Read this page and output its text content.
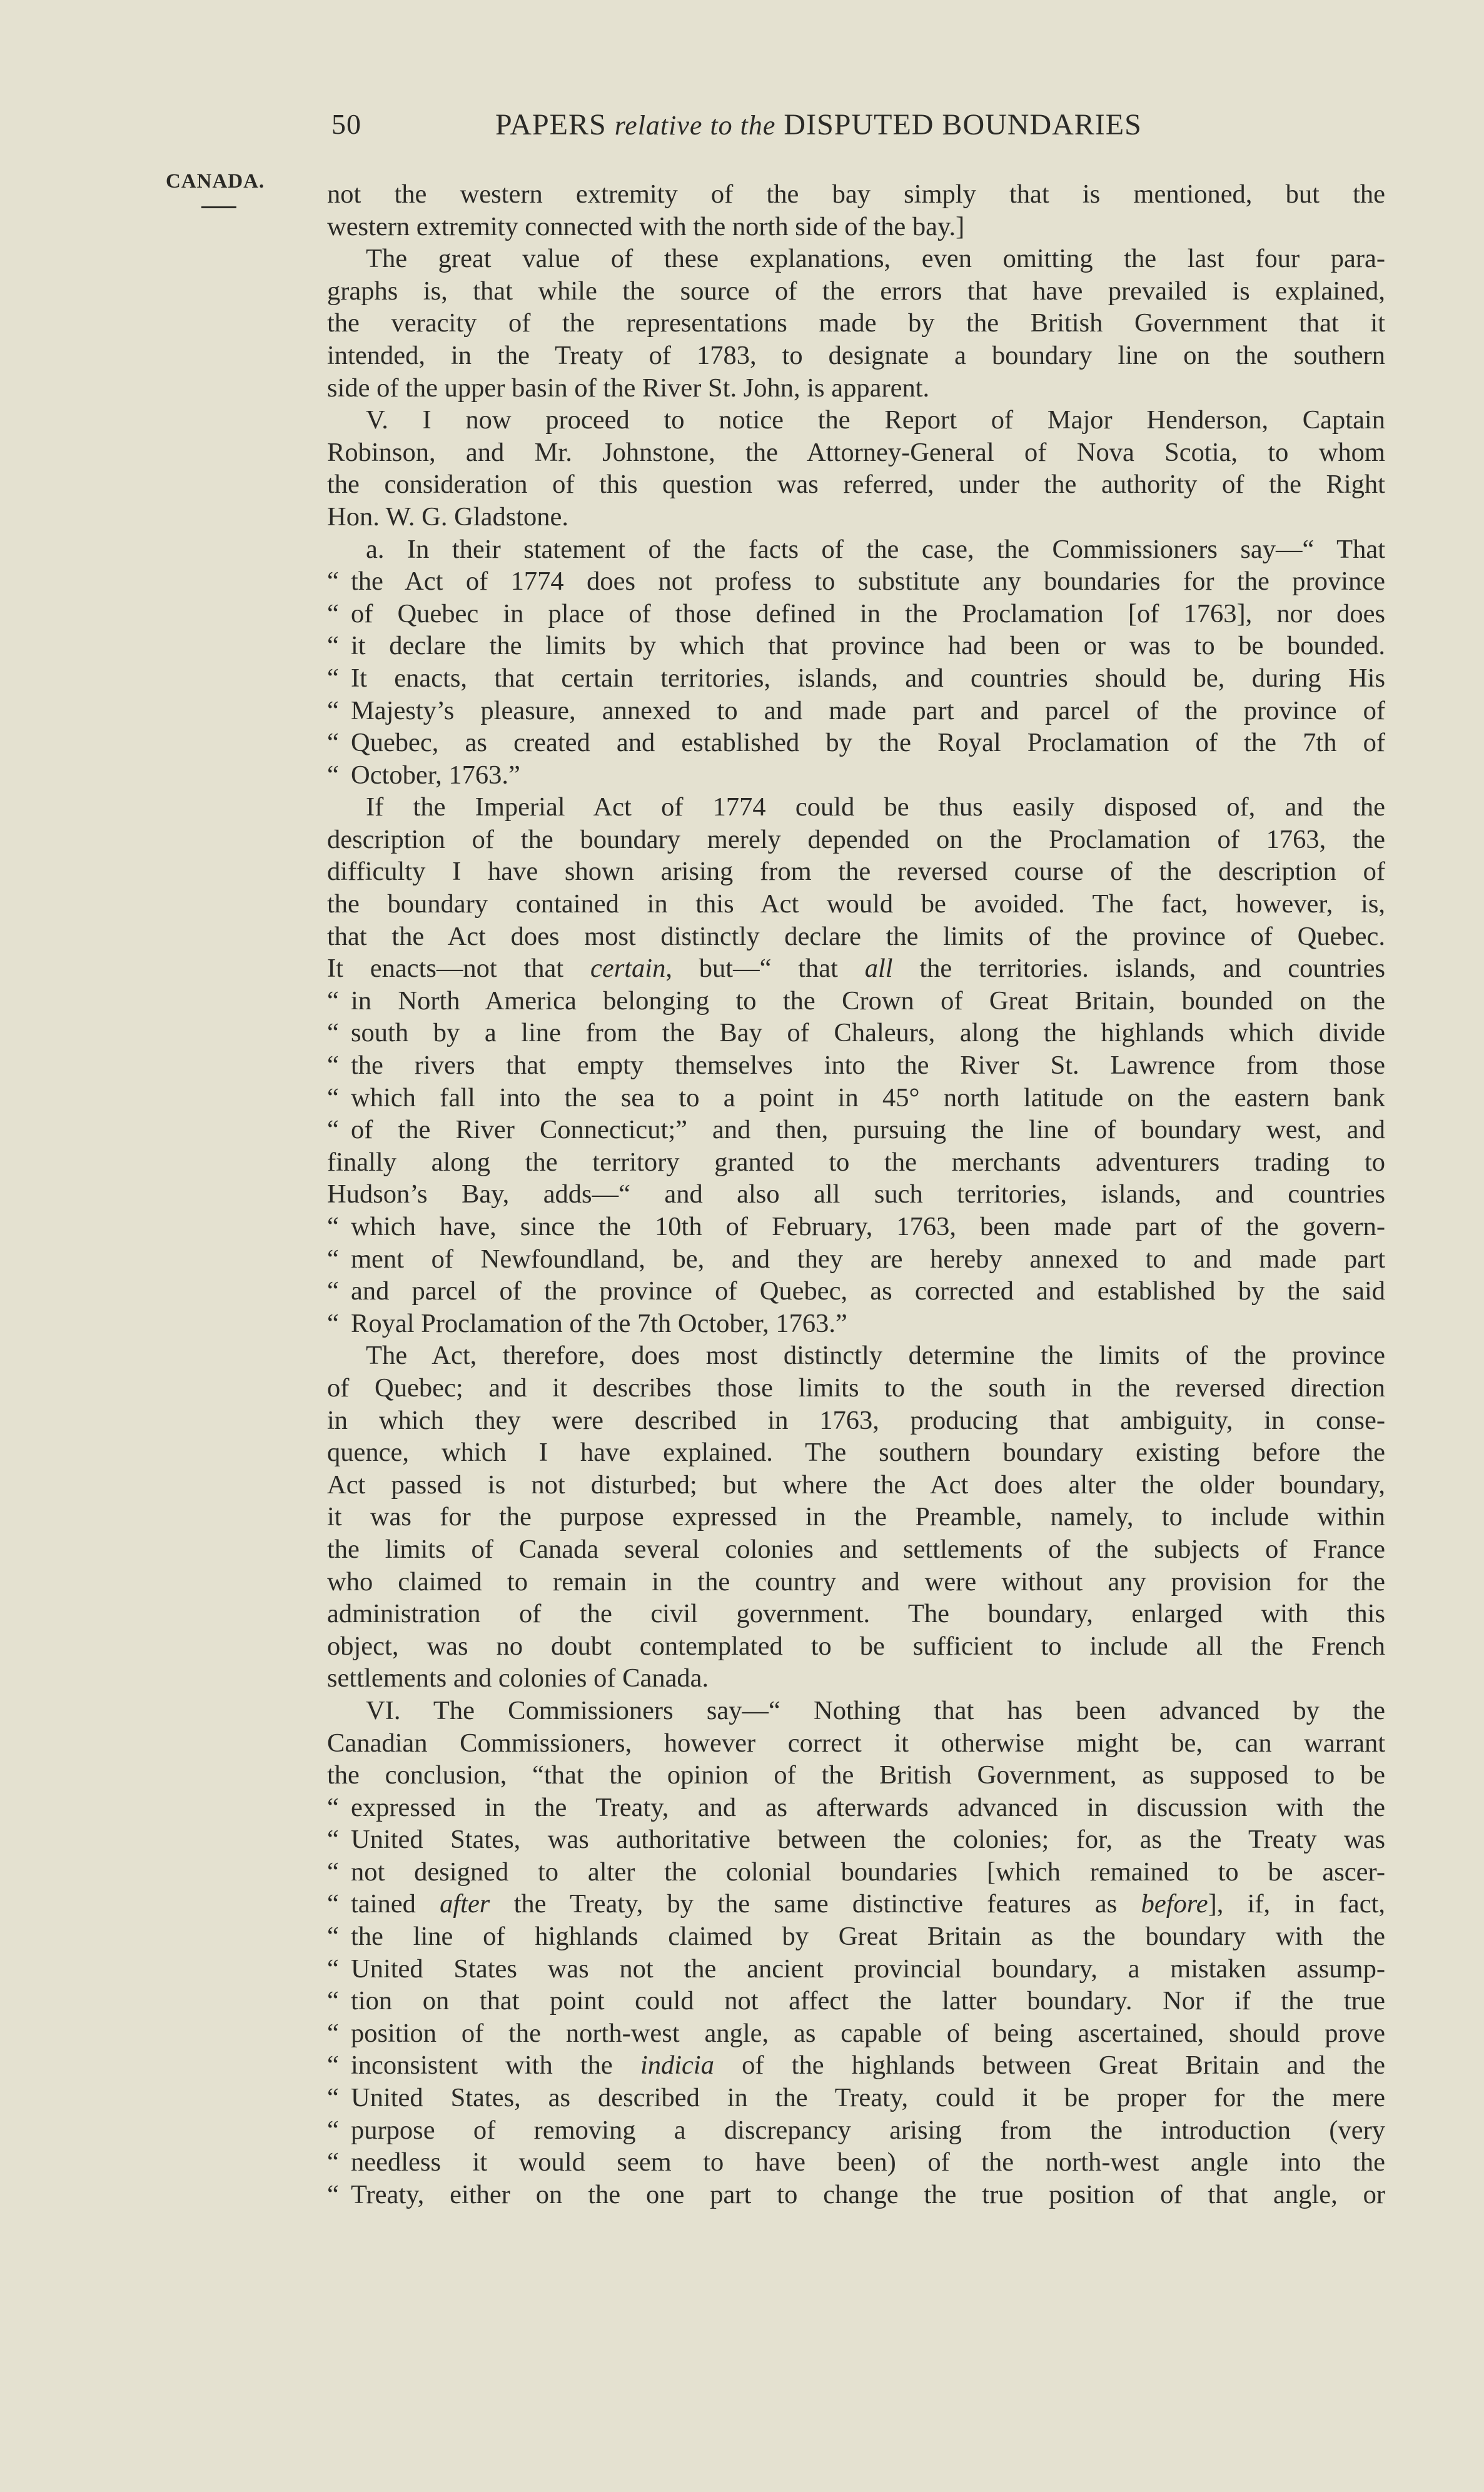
50	PAPERS relative to the DISPUTED BOUNDARIES
CANADA. not the western extremity of the bay simply that is mentioned, but the
western extremity connected with the north side of the bay.]
The great value of these explanations, even omitting the last four para-
graphs is, that while the source of the errors that have prevailed is explained,
the veracity of the representations made by the British Government that it
intended, in the Treaty of 1783, to designate a boundary line on the southern
side of the upper basin of the River St. John, is apparent.
V. I now proceed to notice the Report of Major Henderson, Captain
Robinson, and Mr. Johnstone, the Attorney-General of Nova Scotia, to whom
the consideration of this question was referred, under the authority of the Right
Hon. W. G. Gladstone.
a. In their statement of the facts of the case, the Commissioners say—“ That
“ the Act of 1774 does not profess to substitute any boundaries for the province
“ of Quebec in place of those defined in the Proclamation [of 1763], nor does
“ it declare the limits by which that province had been or was to be bounded.
“ It enacts, that certain territories, islands, and countries should be, during His
“ Majesty’s pleasure, annexed to and made part and parcel of the province of
“ Quebec, as created and established by the Royal Proclamation of the 7th of
“ October, 1763.”
If the Imperial Act of 1774 could be thus easily disposed of, and the
description of the boundary merely depended on the Proclamation of 1763, the
difficulty I have shown arising from the reversed course of the description of
the boundary contained in this Act would be avoided. The fact, however, is,
that the Act does most distinctly declare the limits of the province of Quebec.
It enacts—not that certain, but—“ that all the territories. islands, and countries
“ in North America belonging to the Crown of Great Britain, bounded on the
“ south by a line from the Bay of Chaleurs, along the highlands which divide
“ the rivers that empty themselves into the River St. Lawrence from those
“ which fall into the sea to a point in 45° north latitude on the eastern bank
“ of the River Connecticut;” and then, pursuing the line of boundary west, and
finally along the territory granted to the merchants adventurers trading to
Hudson’s Bay, adds—“ and also all such territories, islands, and countries
“ which have, since the 10th of February, 1763, been made part of the govern-
“ ment of Newfoundland, be, and they are hereby annexed to and made part
“ and parcel of the province of Quebec, as corrected and established by the said
“ Royal Proclamation of the 7th October, 1763.”
The Act, therefore, does most distinctly determine the limits of the province
of Quebec; and it describes those limits to the south in the reversed direction
in which they were described in 1763, producing that ambiguity, in conse-
quence, which I have explained. The southern boundary existing before the
Act passed is not disturbed; but where the Act does alter the older boundary,
it was for the purpose expressed in the Preamble, namely, to include within
the limits of Canada several colonies and settlements of the subjects of France
who claimed to remain in the country and were without any provision for the
administration of the civil government. The boundary, enlarged with this
object, was no doubt contemplated to be sufficient to include all the French
settlements and colonies of Canada.
VI. The Commissioners say—“ Nothing that has been advanced by the
Canadian Commissioners, however correct it otherwise might be, can warrant
the conclusion, “that the opinion of the British Government, as supposed to be
“ expressed in the Treaty, and as afterwards advanced in discussion with the
“ United States, was authoritative between the colonies; for, as the Treaty was
“ not designed to alter the colonial boundaries [which remained to be ascer-
“ tained after the Treaty, by the same distinctive features as before], if, in fact,
“ the line of highlands claimed by Great Britain as the boundary with the
“ United States was not the ancient provincial boundary, a mistaken assump-
“ tion on that point could not affect the latter boundary. Nor if the true
“ position of the north-west angle, as capable of being ascertained, should prove
“ inconsistent with the indicia of the highlands between Great Britain and the
“ United States, as described in the Treaty, could it be proper for the mere
“ purpose of removing a discrepancy arising from the introduction (very
“ needless it would seem to have been) of the north-west angle into the
“ Treaty, either on the one part to change the true position of that angle, or
